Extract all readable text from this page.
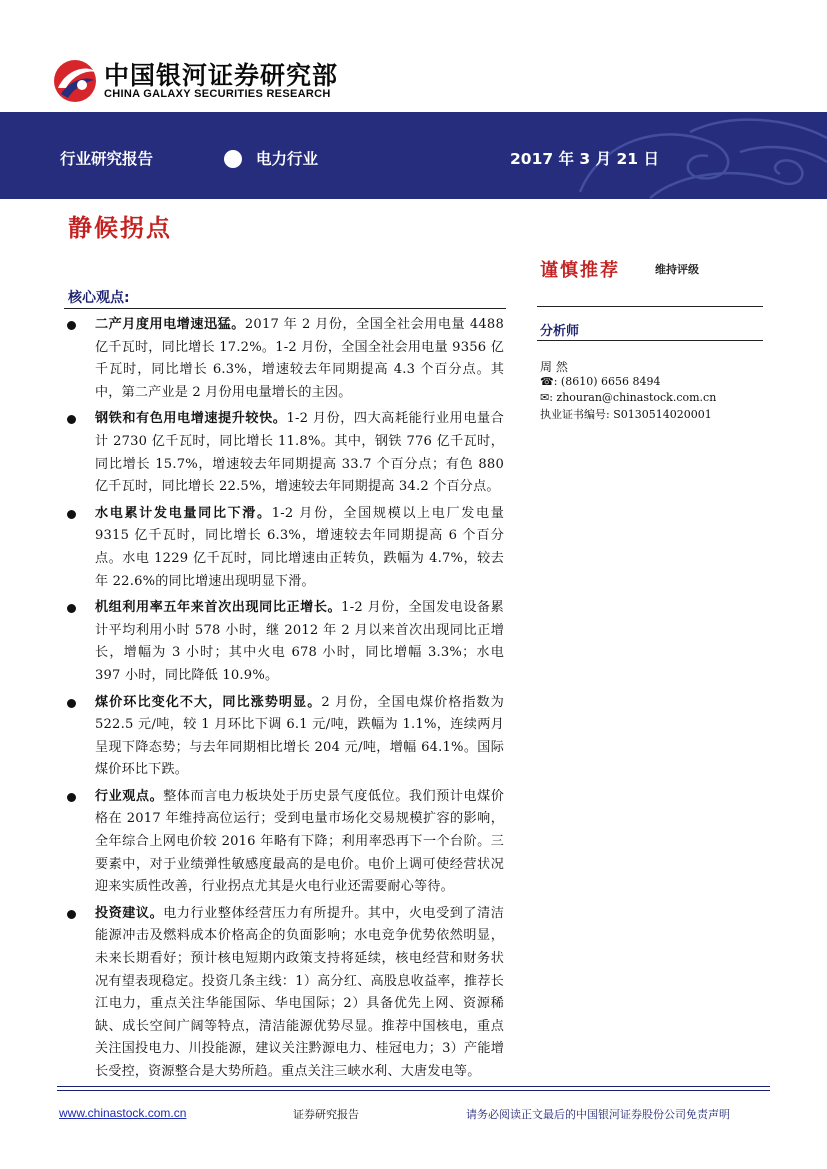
中国银河证券研究部
CHINA GALAXY SECURITIES RESEARCH
行业研究报告	电力行业	2017 年 3 月 21 日
静候拐点
谨慎推荐	维持评级
核心观点:
二产月度用电增速迅猛。2017 年 2 月份，全国全社会用电量 4488 亿千瓦时，同比增长 17.2%。1-2 月份，全国全社会用电量 9356 亿千瓦时，同比增长 6.3%，增速较去年同期提高 4.3 个百分点。其中，第二产业是 2 月份用电量增长的主因。
钢铁和有色用电增速提升较快。1-2 月份，四大高耗能行业用电量合计 2730 亿千瓦时，同比增长 11.8%。其中，钢铁 776 亿千瓦时，同比增长 15.7%，增速较去年同期提高 33.7 个百分点；有色 880 亿千瓦时，同比增长 22.5%，增速较去年同期提高 34.2 个百分点。
水电累计发电量同比下滑。1-2 月份，全国规模以上电厂发电量 9315 亿千瓦时，同比增长 6.3%，增速较去年同期提高 6 个百分点。水电 1229 亿千瓦时，同比增速由正转负，跌幅为 4.7%，较去年 22.6%的同比增速出现明显下滑。
机组利用率五年来首次出现同比正增长。1-2 月份，全国发电设备累计平均利用小时 578 小时，继 2012 年 2 月以来首次出现同比正增长，增幅为 3 小时；其中火电 678 小时，同比增幅 3.3%；水电 397 小时，同比降低 10.9%。
煤价环比变化不大，同比涨势明显。2 月份，全国电煤价格指数为 522.5 元/吨，较 1 月环比下调 6.1 元/吨，跌幅为 1.1%，连续两月呈现下降态势；与去年同期相比增长 204 元/吨，增幅 64.1%。国际煤价环比下跌。
行业观点。整体而言电力板块处于历史景气度低位。我们预计电煤价格在 2017 年维持高位运行；受到电量市场化交易规模扩容的影响，全年综合上网电价较 2016 年略有下降；利用率恐再下一个台阶。三要素中，对于业绩弹性敏感度最高的是电价。电价上调可使经营状况迎来实质性改善，行业拐点尤其是火电行业还需要耐心等待。
投资建议。电力行业整体经营压力有所提升。其中，火电受到了清洁能源冲击及燃料成本价格高企的负面影响；水电竞争优势依然明显，未来长期看好；预计核电短期内政策支持将延续，核电经营和财务状况有望表现稳定。投资几条主线：1）高分红、高股息收益率，推荐长江电力，重点关注华能国际、华电国际；2）具备优先上网、资源稀缺、成长空间广阔等特点，清洁能源优势尽显。推荐中国核电，重点关注国投电力、川投能源，建议关注黔源电力、桂冠电力；3）产能增长受控，资源整合是大势所趋。重点关注三峡水利、大唐发电等。
分析师
周 然
☎: (8610) 6656 8494
✉: zhouran@chinastock.com.cn
执业证书编号: S0130514020001
www.chinastock.com.cn	证券研究报告	请务必阅读正文最后的中国银河证券股份公司免责声明
